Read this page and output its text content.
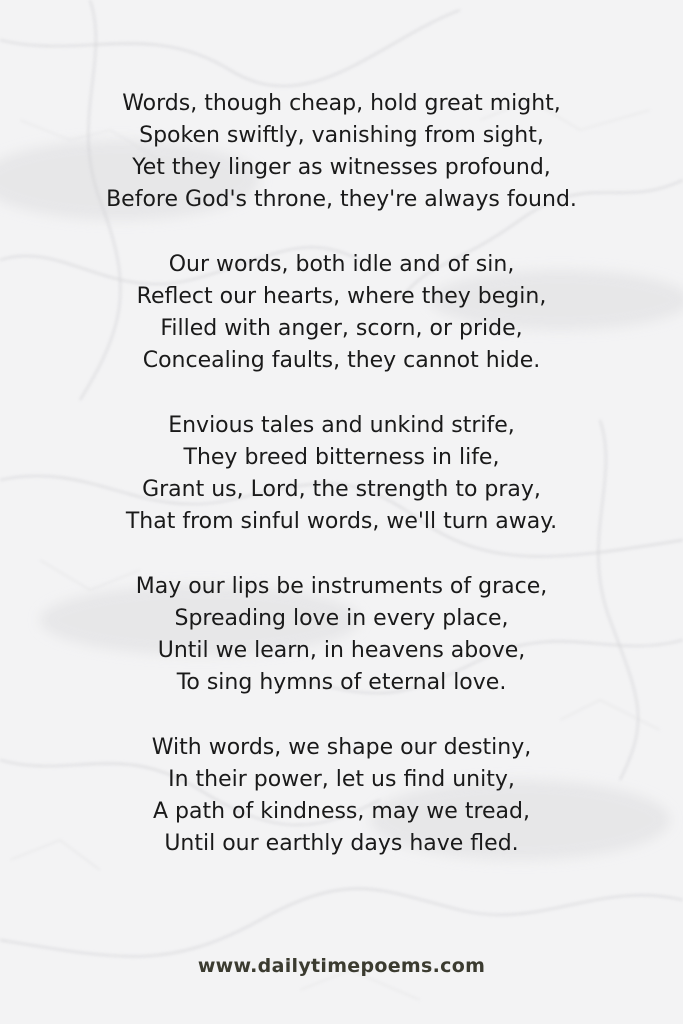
Words, though cheap, hold great might,
Spoken swiftly, vanishing from sight,
Yet they linger as witnesses profound,
Before God's throne, they're always found.
Our words, both idle and of sin,
Reflect our hearts, where they begin,
Filled with anger, scorn, or pride,
Concealing faults, they cannot hide.
Envious tales and unkind strife,
They breed bitterness in life,
Grant us, Lord, the strength to pray,
That from sinful words, we'll turn away.
May our lips be instruments of grace,
Spreading love in every place,
Until we learn, in heavens above,
To sing hymns of eternal love.
With words, we shape our destiny,
In their power, let us find unity,
A path of kindness, may we tread,
Until our earthly days have fled.
www.dailytimepoems.com
